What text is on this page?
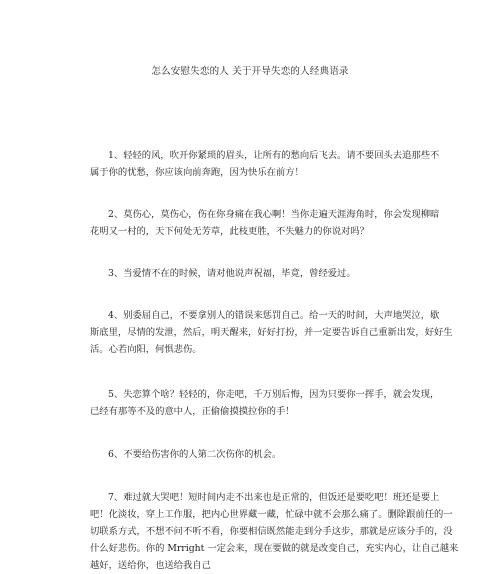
怎么安慰失恋的人 关于开导失恋的人经典语录
1、轻轻的风，吹开你紧琐的眉头，让所有的愁向后飞去。请不要回头去追那些不
属于你的忧愁，你应该向前奔跑，因为快乐在前方！
2、莫伤心，莫伤心，伤在你身痛在我心啊！当你走遍天涯海角时，你会发现柳暗
花明又一村的，天下何处无芳草，此枝更胜，不失魅力的你说对吗？
3、当爱情不在的时候，请对他说声祝福，毕竟，曾经爱过。
4、别委屈自己，不要拿别人的错误来惩罚自己。给一天的时间，大声地哭泣，歇
斯底里，尽情的发泄，然后，明天醒来，好好打扮，并一定要告诉自己重新出发，好好生
活。心若向阳，何惧悲伤。
5、失恋算个啥？轻轻的，你走吧，千万别后悔，因为只要你一挥手，就会发现，
已经有那等不及的意中人，正偷偷摸摸拉你的手！
6、不要给伤害你的人第二次伤你的机会。
7、难过就大哭吧！短时间内走不出来也是正常的，但饭还是要吃吧！班还是要上
吧！化淡妆，穿上工作服，把内心世界藏一藏，忙碌中就不会那么痛了。删除跟前任的一
切联系方式，不想不问不听不看，你要相信既然能走到分手这步，那就是应该分手的，没
什么好悲伤。你的 Mrright 一定会来，现在要做的就是改变自己，充实内心，让自己越来
越好，送给你，也送给我自己
